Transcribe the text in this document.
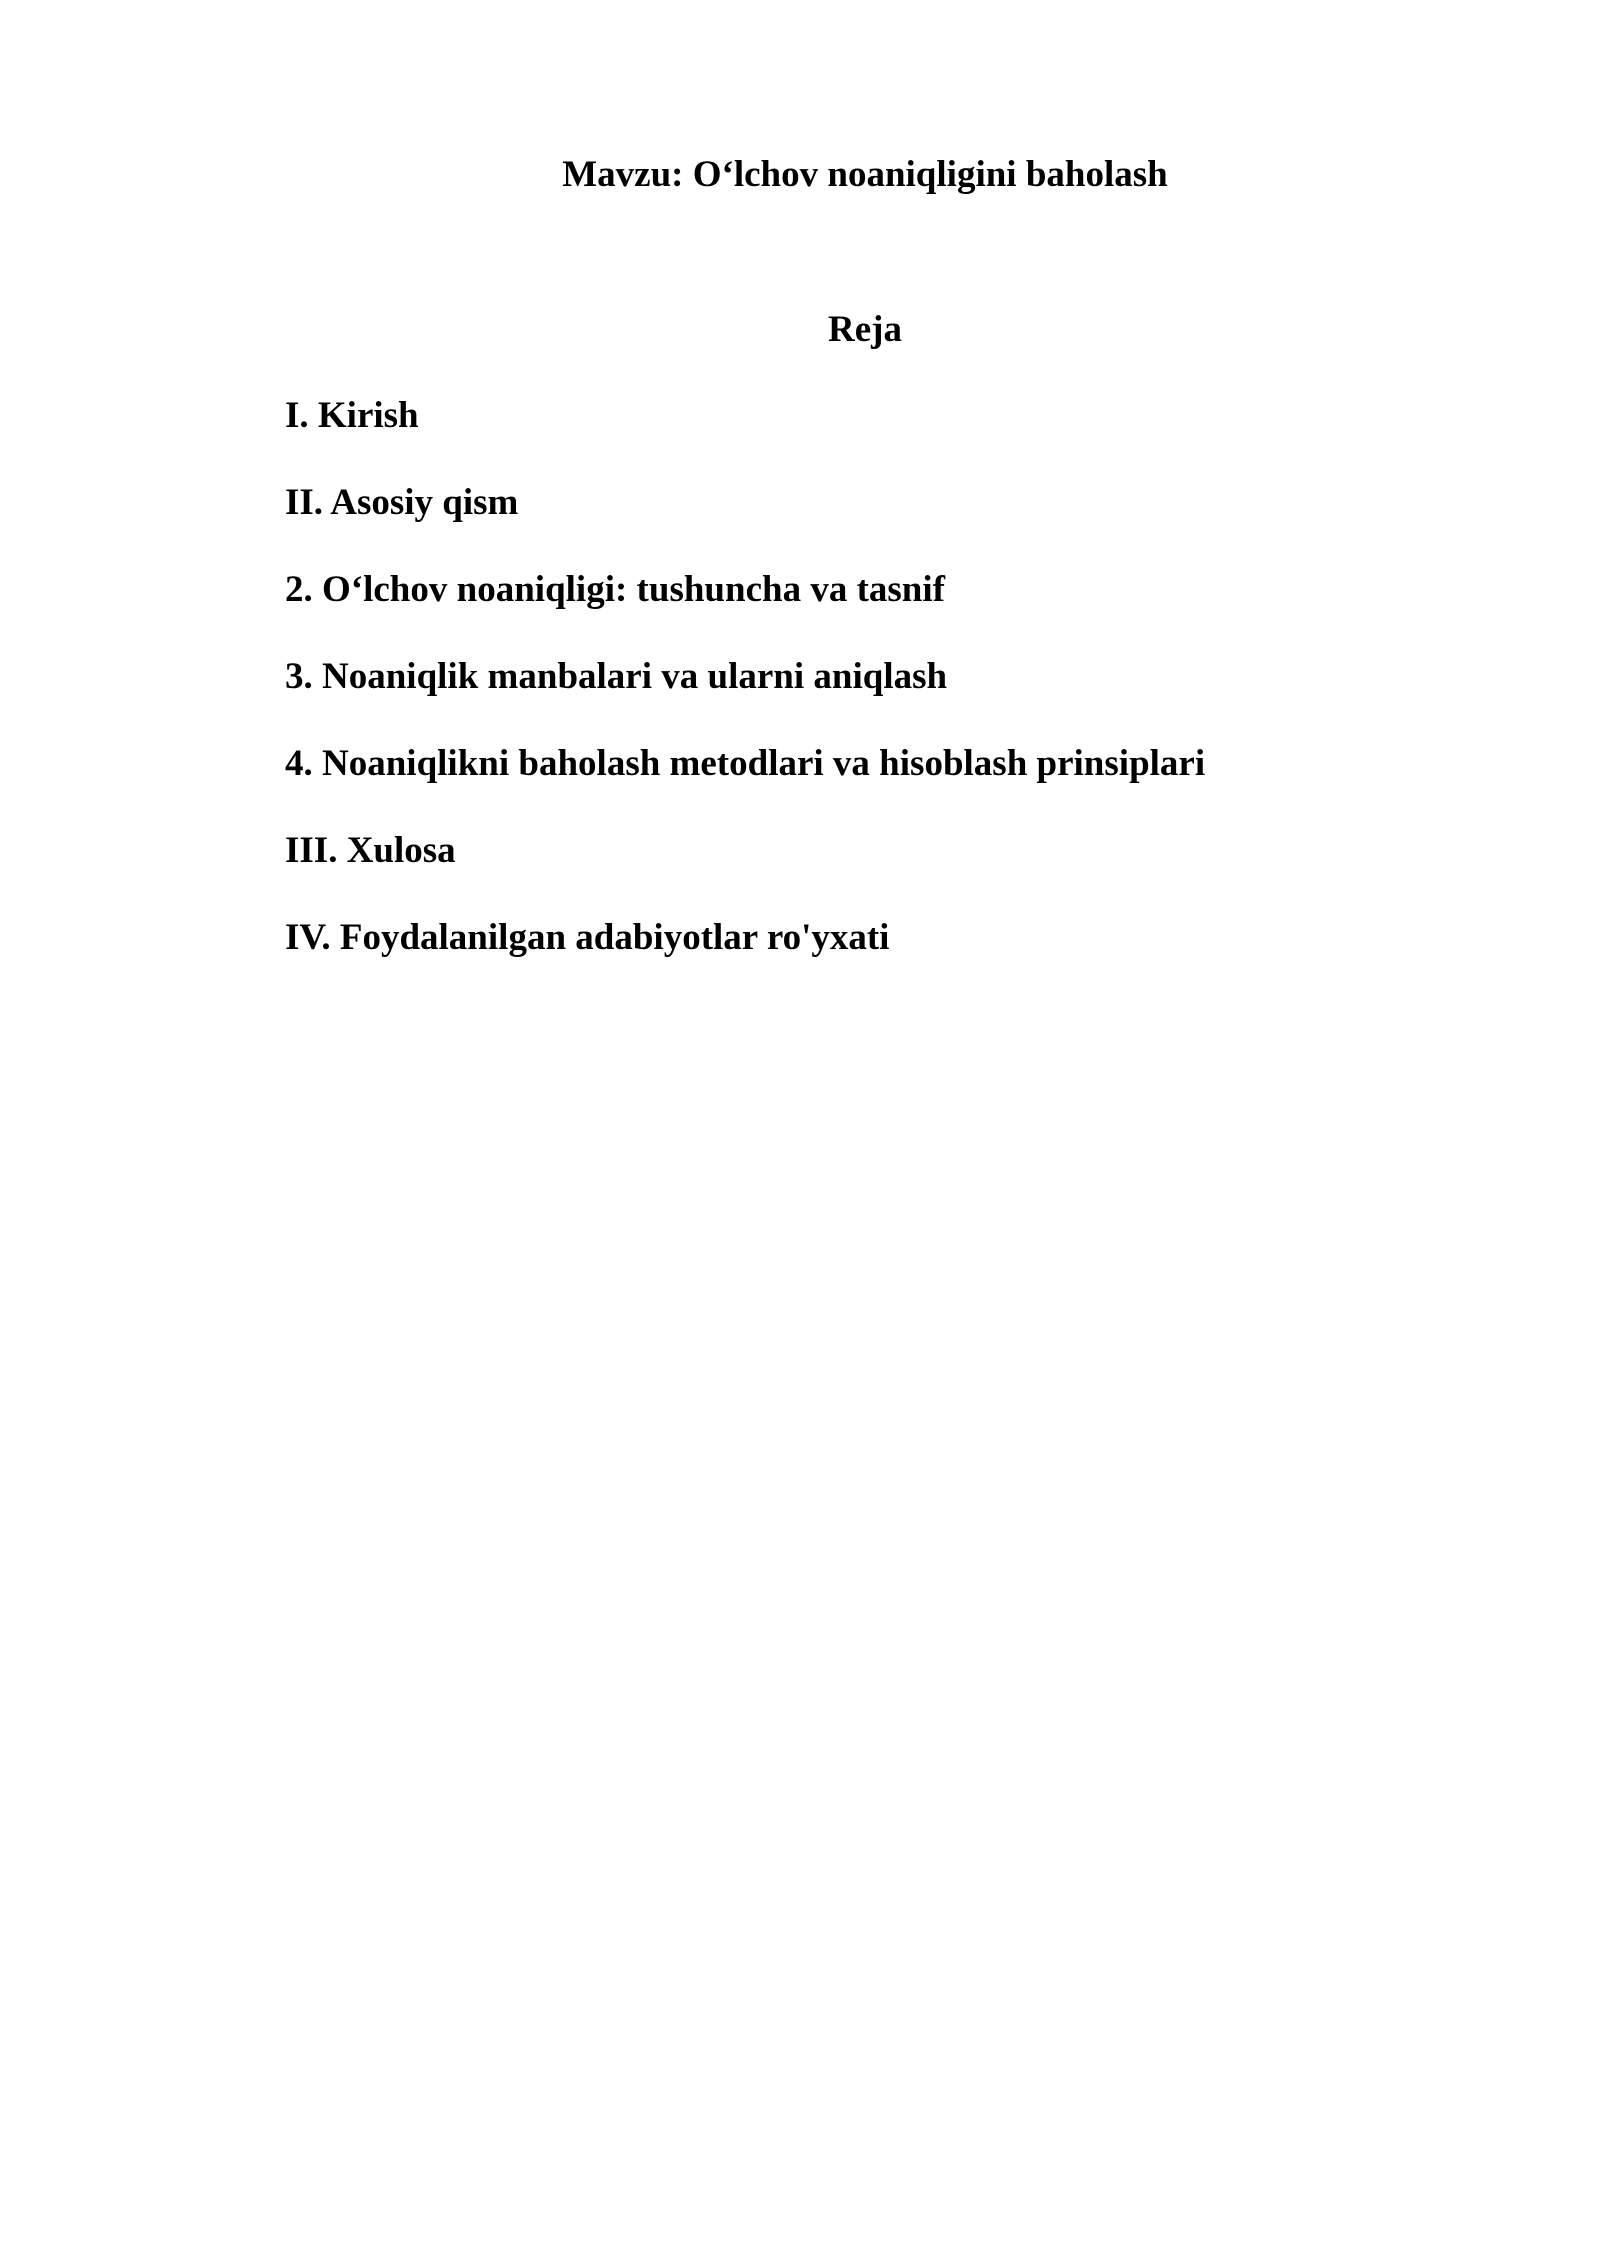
Mavzu: O‘lchov noaniqligini baholash
Reja
I. Kirish
II. Asosiy qism
2. O‘lchov noaniqligi: tushuncha va tasnif
3. Noaniqlik manbalari va ularni aniqlash
4. Noaniqlikni baholash metodlari va hisoblash prinsiplari
III. Xulosa
IV. Foydalanilgan adabiyotlar ro'yxati
